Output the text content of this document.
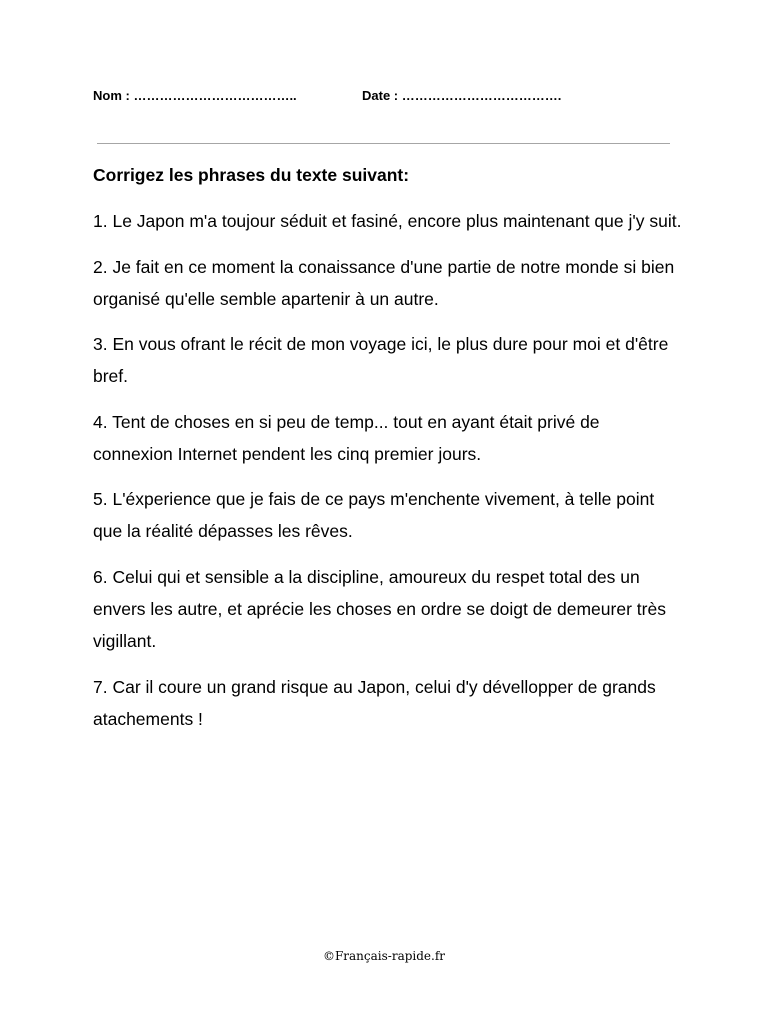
Nom : ………………………………..	Date : ……………………………….
Corrigez les phrases du texte suivant:
1. Le Japon m'a toujour séduit et fasiné, encore plus maintenant que j'y suit.
2. Je fait en ce moment la conaissance d'une partie de notre monde si bien organisé qu'elle semble apartenir à un autre.
3. En vous ofrant le récit de mon voyage ici, le plus dure pour moi et d'être bref.
4. Tent de choses en si peu de temp... tout en ayant était privé de connexion Internet pendent les cinq premier jours.
5. L'éxperience que je fais de ce pays m'enchente vivement, à telle point que la réalité dépasses les rêves.
6. Celui qui et sensible a la discipline, amoureux du respet total des un envers les autre, et aprécie les choses en ordre se doigt de demeurer très vigillant.
7. Car il coure un grand risque au Japon, celui d'y dévellopper de grands atachements !
©Français-rapide.fr
